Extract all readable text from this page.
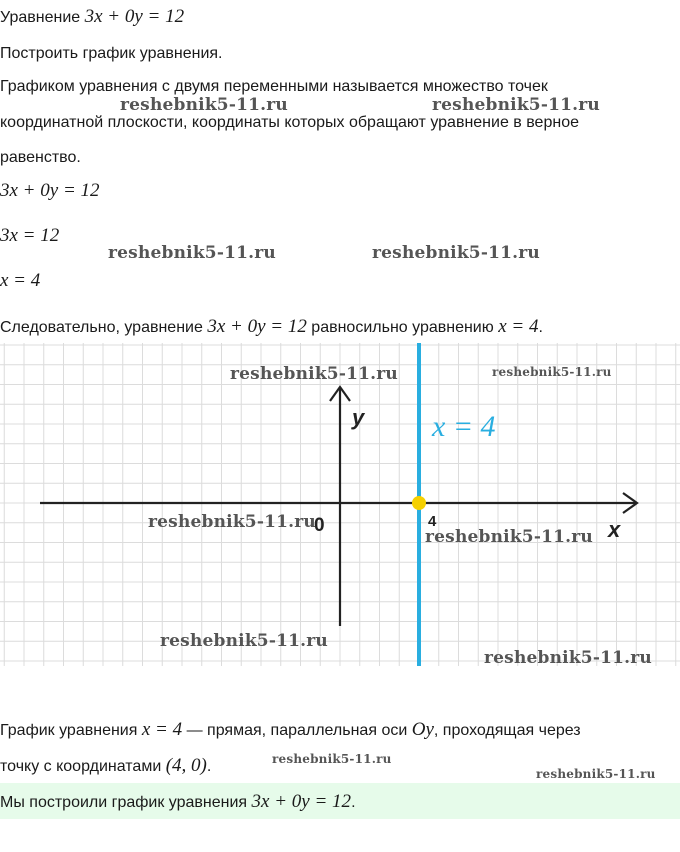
Уравнение 3x + 0y = 12
Построить график уравнения.
Графиком уравнения с двумя переменными называется множество точек
координатной плоскости, координаты которых обращают уравнение в верное
равенство.
3x + 0y = 12
3x = 12
x = 4
Следовательно, уравнение 3x + 0y = 12 равносильно уравнению x = 4.
y
x
0	4
x = 4
График уравнения x = 4 — прямая, параллельная оси Oy, проходящая через
точку с координатами (4, 0).
Мы построили график уравнения 3x + 0y = 12.
reshebnik5-11.ru	reshebnik5-11.ru
reshebnik5-11.ru	reshebnik5-11.ru
reshebnik5-11.ru	reshebnik5-11.ru
reshebnik5-11.ru
reshebnik5-11.ru
reshebnik5-11.ru
reshebnik5-11.ru
reshebnik5-11.ru
reshebnik5-11.ru
